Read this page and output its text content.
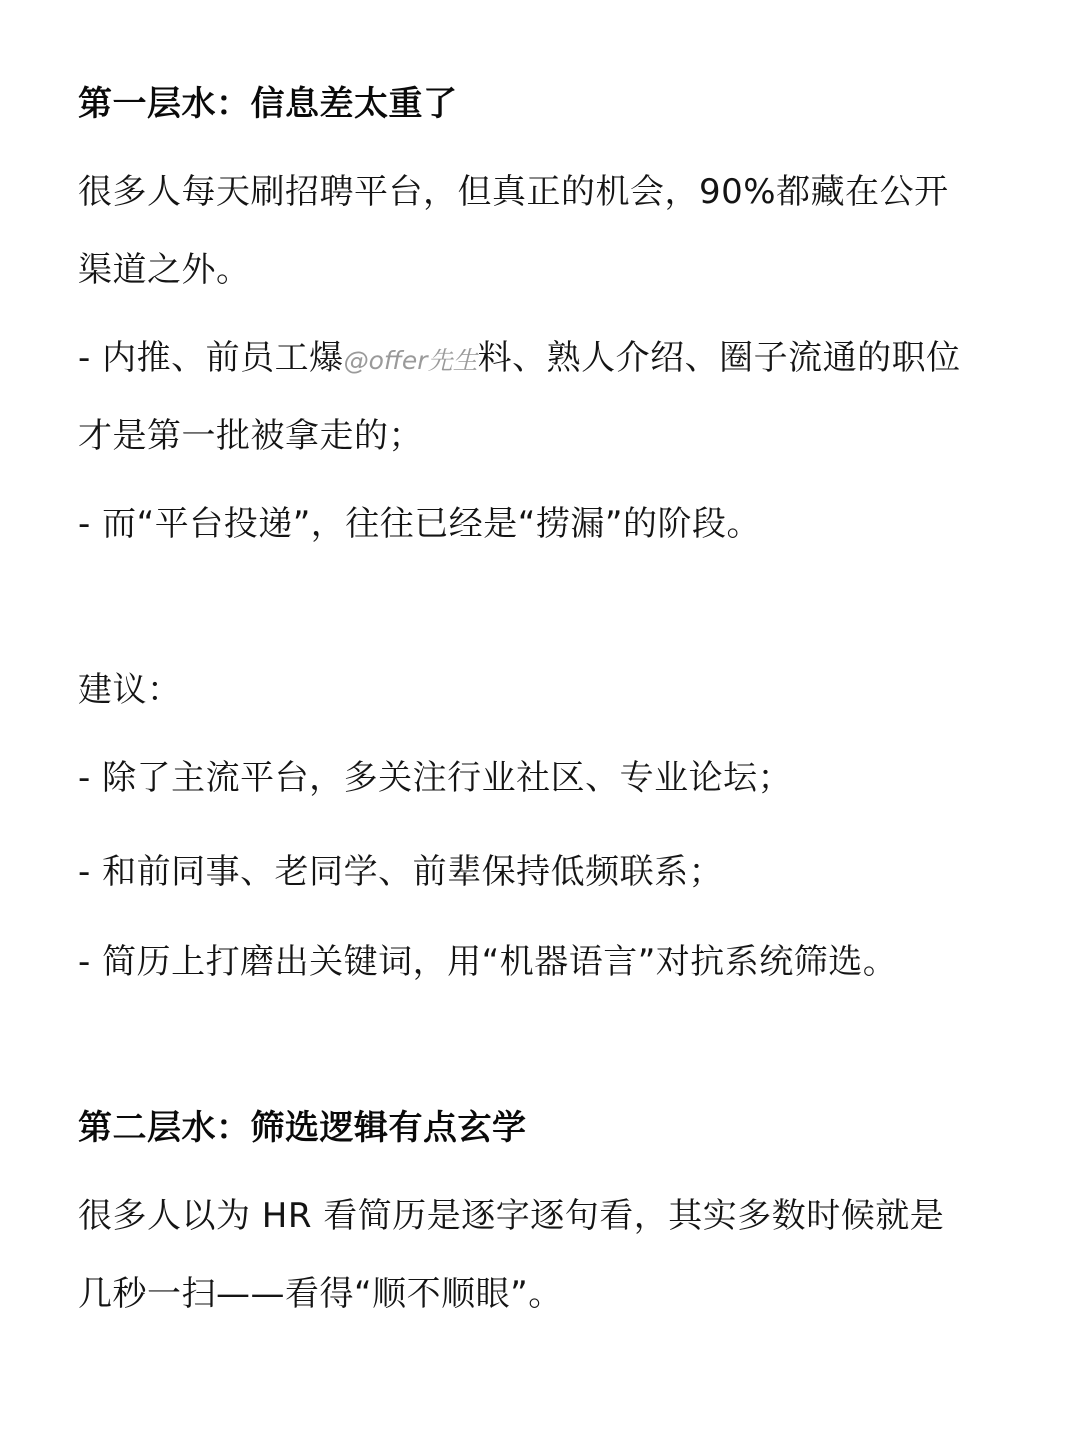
第一层水：信息差太重了
很多人每天刷招聘平台，但真正的机会，90%都藏在公开
渠道之外。
- 内推、前员工爆@offer先生料、熟人介绍、圈子流通的职位
才是第一批被拿走的；
- 而“平台投递”，往往已经是“捞漏”的阶段。
建议：
- 除了主流平台，多关注行业社区、专业论坛；
- 和前同事、老同学、前辈保持低频联系；
- 简历上打磨出关键词，用“机器语言”对抗系统筛选。
第二层水：筛选逻辑有点玄学
很多人以为 HR 看简历是逐字逐句看，其实多数时候就是
几秒一扫——看得“顺不顺眼”。
